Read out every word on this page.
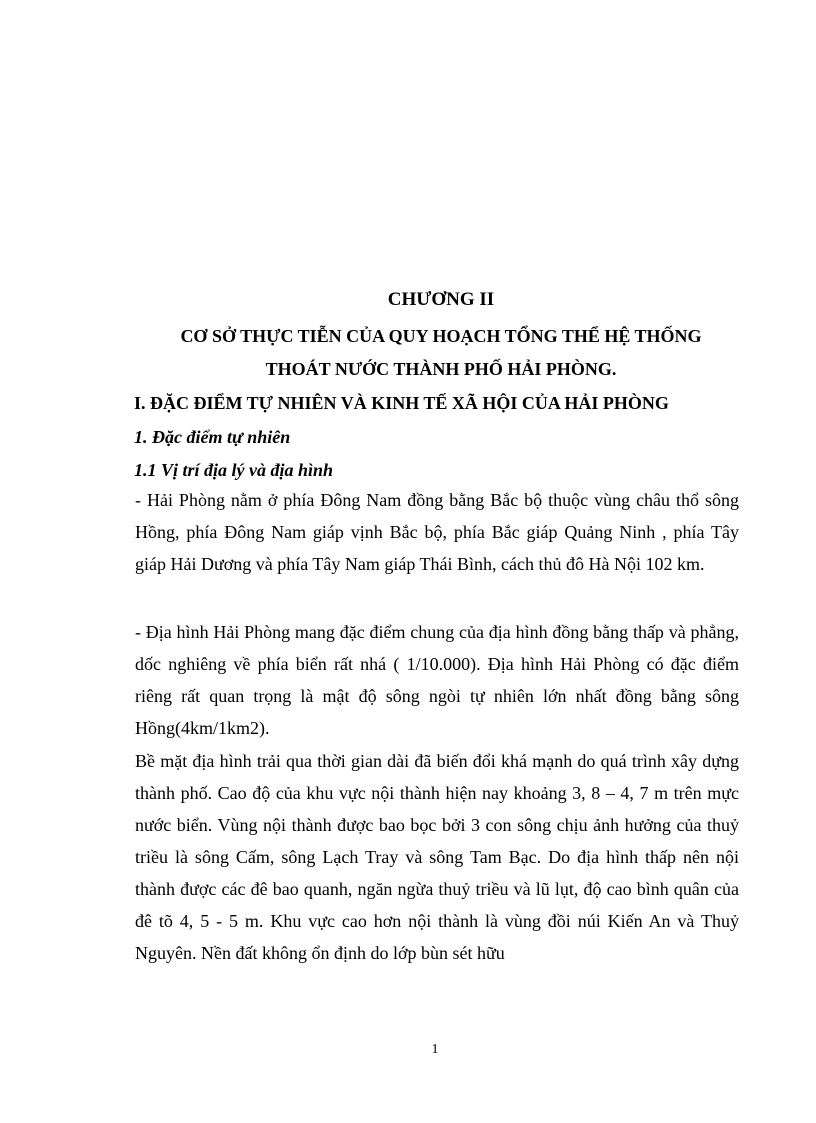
CHƯƠNG II
CƠ SỞ THỰC TIỄN CỦA QUY HOẠCH TỔNG THỂ HỆ THỐNG
THOÁT NƯỚC THÀNH PHỐ HẢI PHÒNG.
I. ĐẶC ĐIỂM TỰ NHIÊN VÀ KINH TẾ XÃ HỘI CỦA HẢI PHÒNG
1. Đặc điểm tự nhiên
1.1 Vị trí địa lý và địa hình

- Hải Phòng nằm ở phía Đông Nam đồng bằng Bắc bộ thuộc vùng châu thổ sông Hồng, phía Đông Nam giáp vịnh Bắc bộ, phía Bắc giáp Quảng Ninh , phía Tây giáp Hải Dương và phía Tây Nam giáp Thái Bình, cách thủ đô Hà Nội 102 km.

- Địa hình Hải Phòng mang đặc điểm chung của địa hình đồng bằng thấp và phẳng, dốc nghiêng về phía biển rất nhá ( 1/10.000). Địa hình Hải Phòng có đặc điểm riêng rất quan trọng là mật độ sông ngòi tự nhiên lớn nhất đồng bằng sông Hồng(4km/1km2).

Bề mặt địa hình trải qua thời gian dài đã biến đổi khá mạnh do quá trình xây dựng thành phố. Cao độ của khu vực nội thành hiện nay khoảng 3, 8 – 4, 7 m trên mực nước biển. Vùng nội thành được bao bọc bởi 3 con sông chịu ảnh hưởng của thuỷ triều là sông Cấm, sông Lạch Tray và sông Tam Bạc. Do địa hình thấp nên nội thành được các đê bao quanh, ngăn ngừa thuỷ triều và lũ lụt, độ cao bình quân của đê tõ 4, 5 - 5 m. Khu vực cao hơn nội thành là vùng đồi núi Kiến An và Thuỷ Nguyên. Nền đất không ổn định do lớp bùn sét hữu

1
